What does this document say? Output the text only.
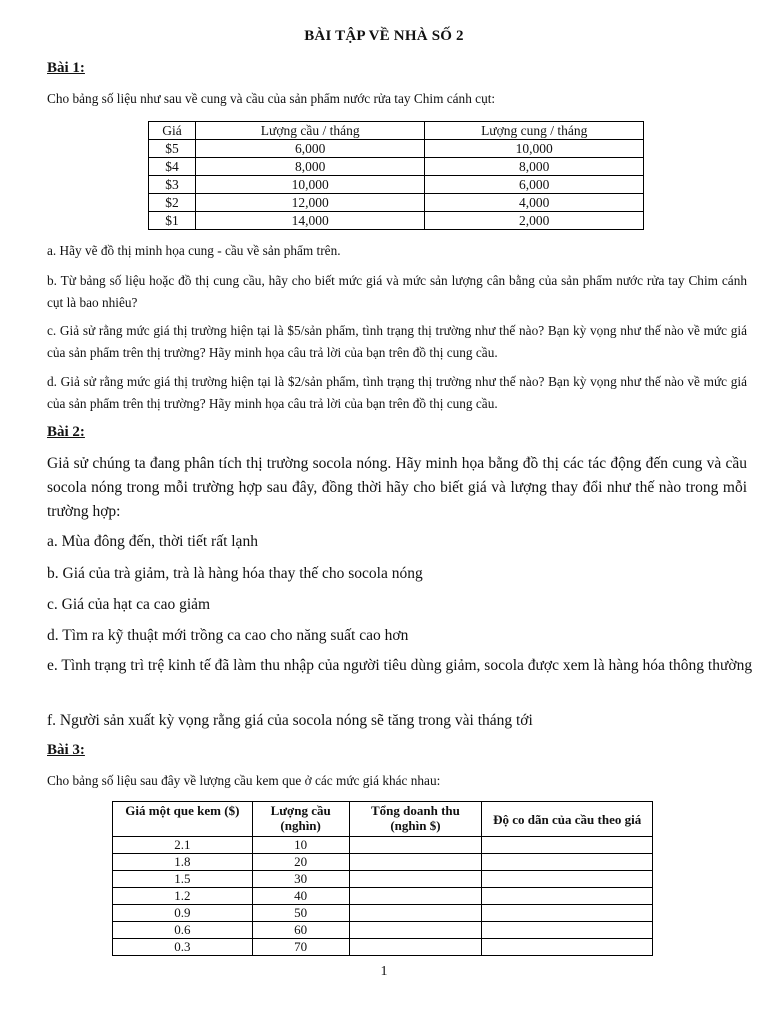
BÀI TẬP VỀ NHÀ SỐ 2
Bài 1:
Cho bảng số liệu như sau về cung và cầu của sản phẩm nước rửa tay Chim cánh cụt:
Giá	Lượng cầu / tháng	Lượng cung / tháng
$5	6,000	10,000
$4	8,000	8,000
$3	10,000	6,000
$2	12,000	4,000
$1	14,000	2,000
a. Hãy vẽ đồ thị minh họa cung - cầu về sản phẩm trên.
b. Từ bảng số liệu hoặc đồ thị cung cầu, hãy cho biết mức giá và mức sản lượng cân bằng của sản phẩm nước rửa tay Chim cánh cụt là bao nhiêu?
c. Giả sử rằng mức giá thị trường hiện tại là $5/sản phẩm, tình trạng thị trường như thế nào? Bạn kỳ vọng như thế nào về mức giá của sản phẩm trên thị trường? Hãy minh họa câu trả lời của bạn trên đồ thị cung cầu.
d. Giả sử rằng mức giá thị trường hiện tại là $2/sản phẩm, tình trạng thị trường như thế nào? Bạn kỳ vọng như thế nào về mức giá của sản phẩm trên thị trường? Hãy minh họa câu trả lời của bạn trên đồ thị cung cầu.
Bài 2:
Giả sử chúng ta đang phân tích thị trường socola nóng. Hãy minh họa bằng đồ thị các tác động đến cung và cầu socola nóng trong mỗi trường hợp sau đây, đồng thời hãy cho biết giá và lượng thay đổi như thế nào trong mỗi trường hợp:
a. Mùa đông đến, thời tiết rất lạnh
b. Giá của trà giảm, trà là hàng hóa thay thế cho socola nóng
c. Giá của hạt ca cao giảm
d. Tìm ra kỹ thuật mới trồng ca cao cho năng suất cao hơn
e. Tình trạng trì trệ kinh tế đã làm thu nhập của người tiêu dùng giảm, socola được xem là hàng hóa thông thường
f. Người sản xuất kỳ vọng rằng giá của socola nóng sẽ tăng trong vài tháng tới
Bài 3:
Cho bảng số liệu sau đây về lượng cầu kem que ở các mức giá khác nhau:
Giá một que kem ($)	Lượng cầu (nghìn)	Tổng doanh thu (nghìn $)	Độ co dãn của cầu theo giá
2.1	10		
1.8	20		
1.5	30		
1.2	40		
0.9	50		
0.6	60		
0.3	70		
1
